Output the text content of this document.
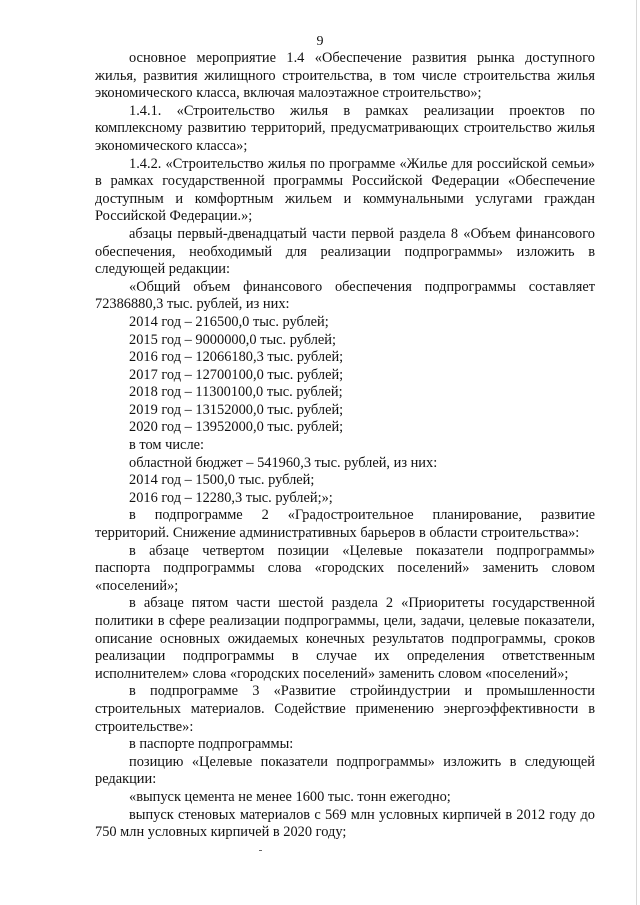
9

основное мероприятие 1.4 «Обеспечение развития рынка доступного жилья, развития жилищного строительства, в том числе строительства жилья экономического класса, включая малоэтажное строительство»;

1.4.1. «Строительство жилья в рамках реализации проектов по комплексному развитию территорий, предусматривающих строительство жилья экономического класса»;

1.4.2. «Строительство жилья по программе «Жилье для российской семьи» в рамках государственной программы Российской Федерации «Обеспечение доступным и комфортным жильем и коммунальными услугами граждан Российской Федерации.»;

абзацы первый-двенадцатый части первой раздела 8 «Объем финансового обеспечения, необходимый для реализации подпрограммы» изложить в следующей редакции:

«Общий объем финансового обеспечения подпрограммы составляет 72386880,3 тыс. рублей, из них:

2014 год – 216500,0 тыс. рублей;
2015 год – 9000000,0 тыс. рублей;
2016 год – 12066180,3 тыс. рублей;
2017 год – 12700100,0 тыс. рублей;
2018 год – 11300100,0 тыс. рублей;
2019 год – 13152000,0 тыс. рублей;
2020 год – 13952000,0 тыс. рублей;
в том числе:
областной бюджет – 541960,3 тыс. рублей, из них:
2014 год – 1500,0 тыс. рублей;
2016 год – 12280,3 тыс. рублей;»;

в подпрограмме 2 «Градостроительное планирование, развитие территорий. Снижение административных барьеров в области строительства»:

в абзаце четвертом позиции «Целевые показатели подпрограммы» паспорта подпрограммы слова «городских поселений» заменить словом «поселений»;

в абзаце пятом части шестой раздела 2 «Приоритеты государственной политики в сфере реализации подпрограммы, цели, задачи, целевые показатели, описание основных ожидаемых конечных результатов подпрограммы, сроков реализации подпрограммы в случае их определения ответственным исполнителем» слова «городских поселений» заменить словом «поселений»;

в подпрограмме 3 «Развитие стройиндустрии и промышленности строительных материалов. Содействие применению энергоэффективности в строительстве»:

в паспорте подпрограммы:

позицию «Целевые показатели подпрограммы» изложить в следующей редакции:

«выпуск цемента не менее 1600 тыс. тонн ежегодно;

выпуск стеновых материалов с 569 млн условных кирпичей в 2012 году до 750 млн условных кирпичей в 2020 году;
